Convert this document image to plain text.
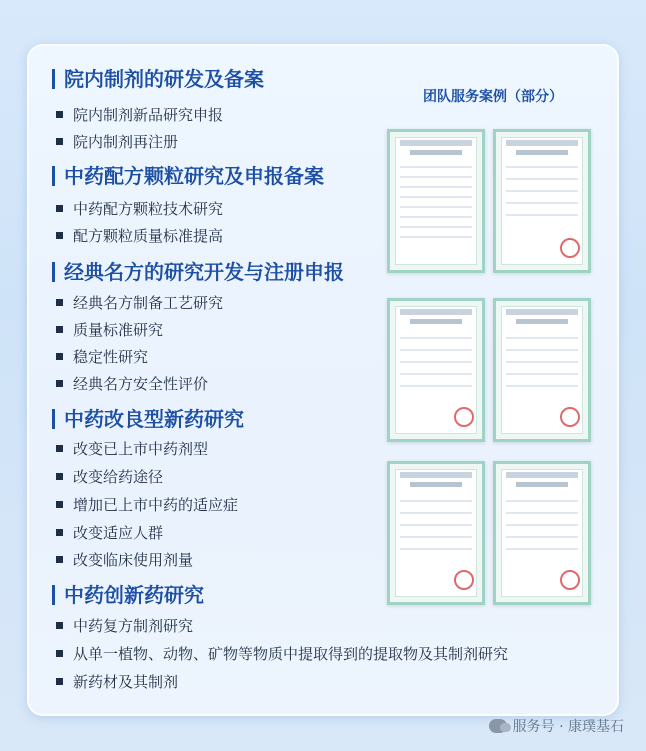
院内制剂的研发及备案
院内制剂新品研究申报
院内制剂再注册
中药配方颗粒研究及申报备案
中药配方颗粒技术研究
配方颗粒质量标准提高
经典名方的研究开发与注册申报
经典名方制备工艺研究
质量标准研究
稳定性研究
经典名方安全性评价
中药改良型新药研究
改变已上市中药剂型
改变给药途径
增加已上市中药的适应症
改变适应人群
改变临床使用剂量
中药创新药研究
中药复方制剂研究
从单一植物、动物、矿物等物质中提取得到的提取物及其制剂研究
新药材及其制剂
团队服务案例（部分）
服务号 · 康璞基石
